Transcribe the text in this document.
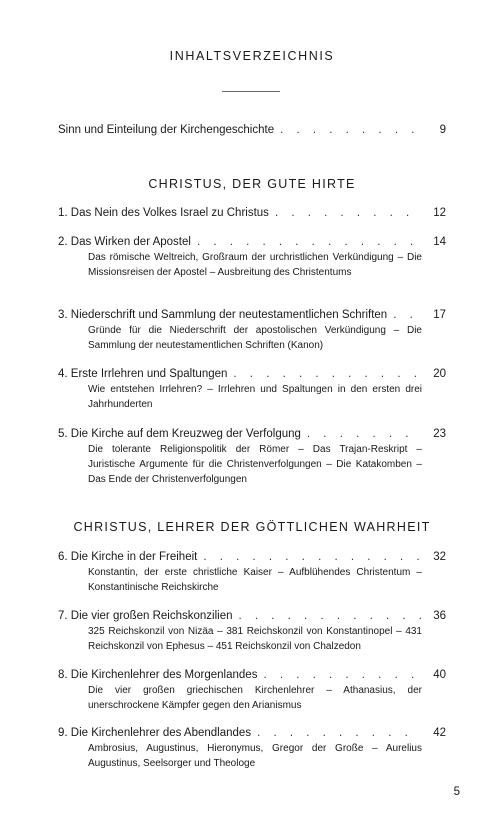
INHALTSVERZEICHNIS
Sinn und Einteilung der Kirchengeschichte . . .	9
CHRISTUS, DER GUTE HIRTE
1. Das Nein des Volkes Israel zu Christus . . .	12
2. Das Wirken der Apostel . . .	14
Das römische Weltreich, Großraum der urchristlichen Verkündigung – Die Missionsreisen der Apostel – Ausbreitung des Christentums
3. Niederschrift und Sammlung der neutestamentlichen Schriften . . .	17
Gründe für die Niederschrift der apostolischen Verkündigung – Die Sammlung der neutestamentlichen Schriften (Kanon)
4. Erste Irrlehren und Spaltungen . . .	20
Wie entstehen Irrlehren? – Irrlehren und Spaltungen in den ersten drei Jahrhunderten
5. Die Kirche auf dem Kreuzweg der Verfolgung . . .	23
Die tolerante Religionspolitik der Römer – Das Trajan-Reskript – Juristische Argumente für die Christenverfolgungen – Die Katakomben – Das Ende der Christenverfolgungen
CHRISTUS, LEHRER DER GÖTTLICHEN WAHRHEIT
6. Die Kirche in der Freiheit . . .	32
Konstantin, der erste christliche Kaiser – Aufblühendes Christentum – Konstantinische Reichskirche
7. Die vier großen Reichskonzilien . . .	36
325 Reichskonzil von Nizäa – 381 Reichskonzil von Konstantinopel – 431 Reichskonzil von Ephesus – 451 Reichskonzil von Chalzedon
8. Die Kirchenlehrer des Morgenlandes . . .	40
Die vier großen griechischen Kirchenlehrer – Athanasius, der unerschrockene Kämpfer gegen den Arianismus
9. Die Kirchenlehrer des Abendlandes . . .	42
Ambrosius, Augustinus, Hieronymus, Gregor der Große – Aurelius Augustinus, Seelsorger und Theologe
5
